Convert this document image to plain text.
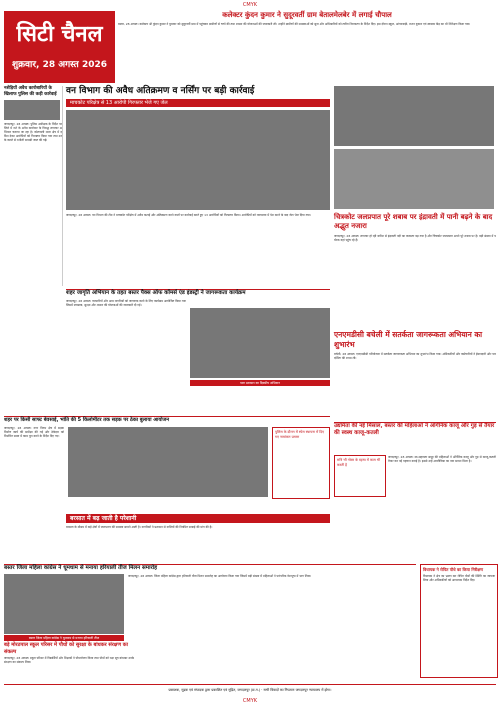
CMYK
सिटी चैनल
शुक्रवार, 28 अगस्त 2026
कलेक्टर कुंदन कुमार ने सुदूरवर्ती ग्राम बेतालमेलबेर में लगाई चौपाल
बस्तर, 28 अगस्त। कलेक्टर श्री कुंदन कुमार ने बुधवार को सुदूरवर्ती ग्राम में पहुंचकर ग्रामीणों से चर्चा की तथा शासन की योजनाओं की जानकारी ली। उन्होंने ग्रामीणों की समस्याओं को सुना और अधिकारियों को त्वरित निराकरण के निर्देश दिए। इस दौरान स्कूल, आंगनबाड़ी, राशन दुकान एवं स्वास्थ्य केंद्र का भी निरीक्षण किया गया।
नशेड़ियों अवैध कारोबारियों के खिलाफ पुलिस की कड़ी कार्रवाई
जगदलपुर, 28 अगस्त। पुलिस अधीक्षक के निर्देश पर जिले में नशे के अवैध कारोबार के विरुद्ध लगातार अभियान चलाया जा रहा है। कोतवाली थाना क्षेत्र में दबिश देकर आरोपियों को गिरफ्तार किया गया तथा उनके कब्जे से नशीली सामग्री जब्त की गई।
वन विभाग की अवैध अतिक्रमण व नर्सिंग पर बड़ी कार्रवाई
माचकोट परिक्षेत्र से 13 आरोपी गिरफ्तार भेजे गए जेल
जगदलपुर, 28 अगस्त। वन विभाग की टीम ने माचकोट परिक्षेत्र में अवैध कटाई और अतिक्रमण करने वालों पर कार्रवाई करते हुए 13 आरोपियों को गिरफ्तार किया। आरोपियों को न्यायालय में पेश करने के बाद जेल भेज दिया गया।	चित्रकोट जलप्रपात पूरे शबाब पर इंद्रावती में पानी बढ़ने के बाद अद्भुत नजारा
जगदलपुर, 28 अगस्त। लगातार हो रही बारिश से इंद्रावती नदी का जलस्तर बढ़ गया है और चित्रकोट जलप्रपात अपने पूरे शबाब पर है। बड़ी संख्या में पर्यटक यहां पहुंच रहे हैं।
शहर जागृति अभियान के तहत बस्तर पैक्स ऑफ कॉमर्स एंड इंडस्ट्री ने जागरूकता कार्यक्रम
जगदलपुर, 28 अगस्त। व्यापारियों और आम नागरिकों को जागरूक करने के लिए कार्यक्रम आयोजित किया गया जिसमें स्वच्छता, सुरक्षा और शासन की योजनाओं की जानकारी दी गई।
पाल प्रशासन का दिवसीय अभियान
एनएमडीसी बचेली में सतर्कता जागरूकता अभियान का शुभारंभ
बचेली, 28 अगस्त। एनएमडीसी परियोजना में सतर्कता जागरूकता अभियान का शुभारंभ किया गया। अधिकारियों और कर्मचारियों ने ईमानदारी और पारदर्शिता की शपथ ली।
शहर पर किसी साफ्ट बेवसाई, भांति की 5 किलोमीटर तक सड़क पर ठेका बुलाया आयोजन
जगदलपुर, 28 अगस्त। नगर निगम क्षेत्र में सड़क निर्माण कार्य की समीक्षा की गई और ठेकेदार को निर्धारित समय में काम पूरा करने के निर्देश दिए गए।
पुलिस के दौरान में स्पेस स्थापना में दिए गए नामांकन प्रमाण
बरसात में बढ़ जाती है परेशानी
बरसात के मौसम में कई क्षेत्रों में जलभराव की समस्या सामने आती है। नागरिकों ने प्रशासन से नालियों की नियमित सफाई की मांग की है।
उद्यमिता की नई मिसाल, बस्तर की महिलाओं ने ऑर्गेनिक काजू और गुड़ से तैयार की स्वस्थ काजू-कतली
रात्रि भी गोबर के रहस्य में काम भी करती है
जगदलपुर, 28 अगस्त। स्व-सहायता समूह की महिलाओं ने ऑर्गेनिक काजू और गुड़ से काजू-कतली तैयार कर नई पहचान बनाई है। इससे उन्हें आजीविका का नया साधन मिला है।
बस्तर जिला महिला कांग्रेस ने धूमधाम से मनाया हरियाली तीज मिलन समारोह
बस्तर जिला महिला कांग्रेस ने धूमधाम से मनाया हरियाली तीज
जगदलपुर, 28 अगस्त। जिला महिला कांग्रेस द्वारा हरियाली तीज मिलन समारोह का आयोजन किया गया जिसमें बड़ी संख्या में महिलाओं ने पारंपरिक वेशभूषा में भाग लिया।
बड़े मोरठपाल स्कूल परिसर में पौधों को सुरक्षा के बांधकर संरक्षण का संकल्प
जगदलपुर, 28 अगस्त। स्कूल परिसर में विद्यार्थियों और शिक्षकों ने पौधारोपण किया तथा पौधों को रक्षा सूत्र बांधकर उनके संरक्षण का संकल्प लिया।
विधायक ने रोपित पौधे का किया निरीक्षण
विधायक ने क्षेत्र का भ्रमण कर रोपित पौधों की स्थिति का जायजा लिया और अधिकारियों को आवश्यक निर्देश दिए।
प्रकाशक, मुद्रक एवं संपादक द्वारा प्रकाशित एवं मुद्रित, जगदलपुर (छ.ग.) · सभी विवादों का निपटारा जगदलपुर न्यायालय में होगा।
CMYK
